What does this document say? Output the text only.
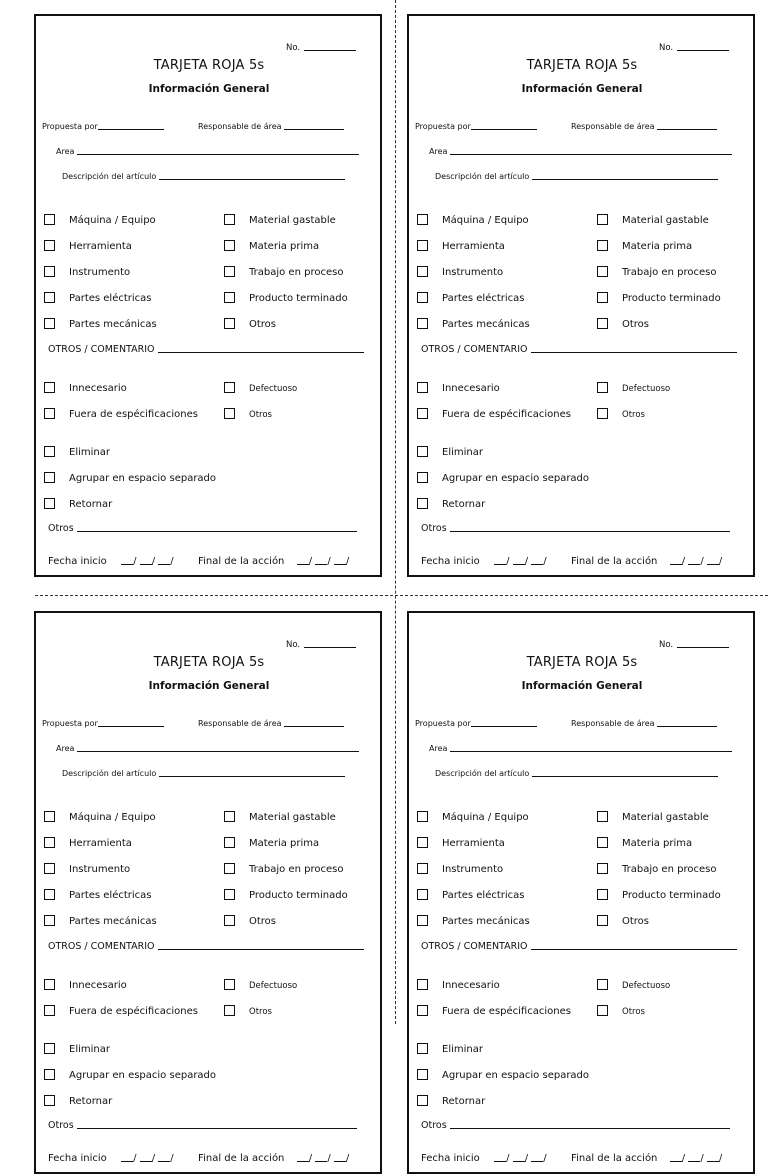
No.
TARJETA ROJA 5s
Información General
Propuesta por	Responsable de área
Area
Descripción del artículo
Máquina / Equipo
Herramienta
Instrumento
Partes eléctricas
Partes mecánicas
Material gastable
Materia prima
Trabajo en proceso
Producto terminado
Otros
OTROS / COMENTARIO
Innecesario
Fuera de espécificaciones
Defectuoso
Otros
Eliminar
Agrupar en espacio separado
Retornar
Otros
Fecha inicio	/ / / Final de la acción / / /
No.
TARJETA ROJA 5s
Información General
Propuesta por	Responsable de área
Area
Descripción del artículo
Máquina / Equipo
Herramienta
Instrumento
Partes eléctricas
Partes mecánicas
Material gastable
Materia prima
Trabajo en proceso
Producto terminado
Otros
OTROS / COMENTARIO
Innecesario
Fuera de espécificaciones
Defectuoso
Otros
Eliminar
Agrupar en espacio separado
Retornar
Otros
Fecha inicio	/ / / Final de la acción / / /
No.
TARJETA ROJA 5s
Información General
Propuesta por	Responsable de área
Area
Descripción del artículo
Máquina / Equipo
Herramienta
Instrumento
Partes eléctricas
Partes mecánicas
Material gastable
Materia prima
Trabajo en proceso
Producto terminado
Otros
OTROS / COMENTARIO
Innecesario
Fuera de espécificaciones
Defectuoso
Otros
Eliminar
Agrupar en espacio separado
Retornar
Otros
Fecha inicio	/ / / Final de la acción / / /
No.
TARJETA ROJA 5s
Información General
Propuesta por	Responsable de área
Area
Descripción del artículo
Máquina / Equipo
Herramienta
Instrumento
Partes eléctricas
Partes mecánicas
Material gastable
Materia prima
Trabajo en proceso
Producto terminado
Otros
OTROS / COMENTARIO
Innecesario
Fuera de espécificaciones
Defectuoso
Otros
Eliminar
Agrupar en espacio separado
Retornar
Otros
Fecha inicio	/ / / Final de la acción / / /
